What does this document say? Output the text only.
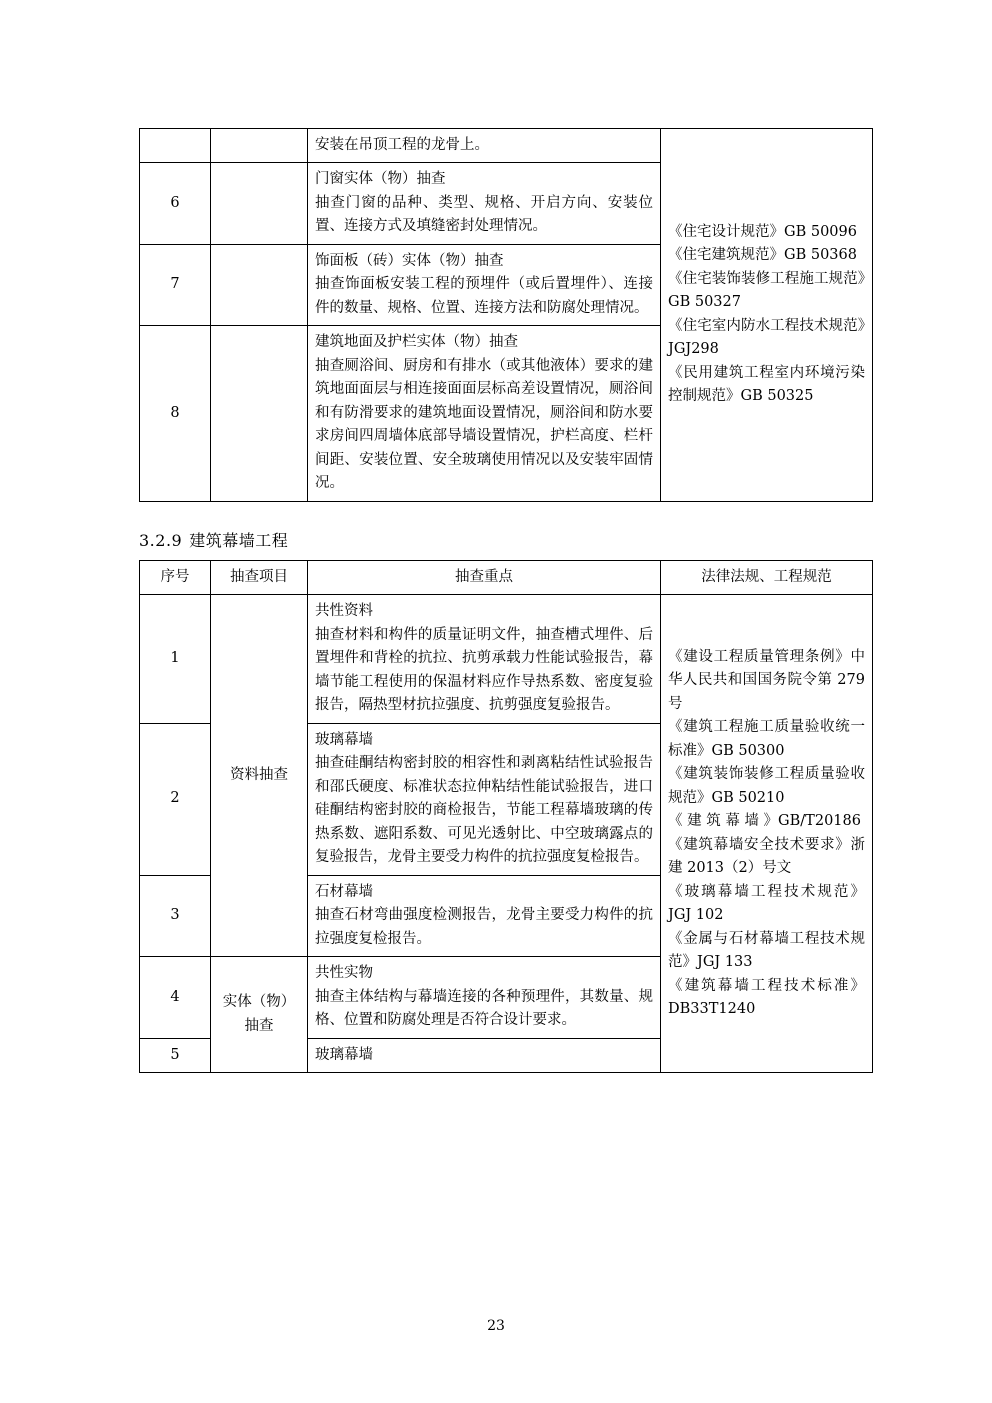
		安装在吊顶工程的龙骨上。	《住宅设计规范》GB 50096

《住宅建筑规范》GB 50368

《住宅装饰装修工程施工规范》GB 50327

《住宅室内防水工程技术规范》JGJ298

《民用建筑工程室内环境污染控制规范》GB 50325

6		门窗实体（物）抽查

抽查门窗的品种、类型、规格、开启方向、安装位置、连接方式及填缝密封处理情况。	

7		饰面板（砖）实体（物）抽查

抽查饰面板安装工程的预埋件（或后置埋件）、连接件的数量、规格、位置、连接方法和防腐处理情况。	

8		建筑地面及护栏实体（物）抽查

抽查厕浴间、厨房和有排水（或其他液体）要求的建筑地面面层与相连接面面层标高差设置情况，厕浴间和有防滑要求的建筑地面设置情况，厕浴间和防水要求房间四周墙体底部导墙设置情况，护栏高度、栏杆间距、安装位置、安全玻璃使用情况以及安装牢固情况。	

3.2.9 建筑幕墙工程
序号	抽查项目	抽查重点	法律法规、工程规范
1	资料抽查	

共性资料

抽查材料和构件的质量证明文件，抽查槽式埋件、后置埋件和背栓的抗拉、抗剪承载力性能试验报告，幕墙节能工程使用的保温材料应作导热系数、密度复验报告，隔热型材抗拉强度、抗剪强度复验报告。

《建设工程质量管理条例》中华人民共和国国务院令第 279 号

《建筑工程施工质量验收统一标准》GB 50300

《建筑装饰装修工程质量验收规范》GB 50210

《 建 筑 幕 墙 》GB/T20186

《建筑幕墙安全技术要求》浙建 2013（2）号文

《玻璃幕墙工程技术规范》JGJ 102

《金属与石材幕墙工程技术规范》JGJ 133

《建筑幕墙工程技术标准》DB33T1240

2		玻璃幕墙

抽查硅酮结构密封胶的相容性和剥离粘结性试验报告和邵氏硬度、标准状态拉伸粘结性能试验报告，进口硅酮结构密封胶的商检报告，节能工程幕墙玻璃的传热系数、遮阳系数、可见光透射比、中空玻璃露点的复验报告，龙骨主要受力构件的抗拉强度复检报告。	

3		石材幕墙

抽查石材弯曲强度检测报告，龙骨主要受力构件的抗拉强度复检报告。	

4	实体（物）抽查	共性实物

抽查主体结构与幕墙连接的各种预理件，其数量、规格、位置和防腐处理是否符合设计要求。	

5		玻璃幕墙	

23
